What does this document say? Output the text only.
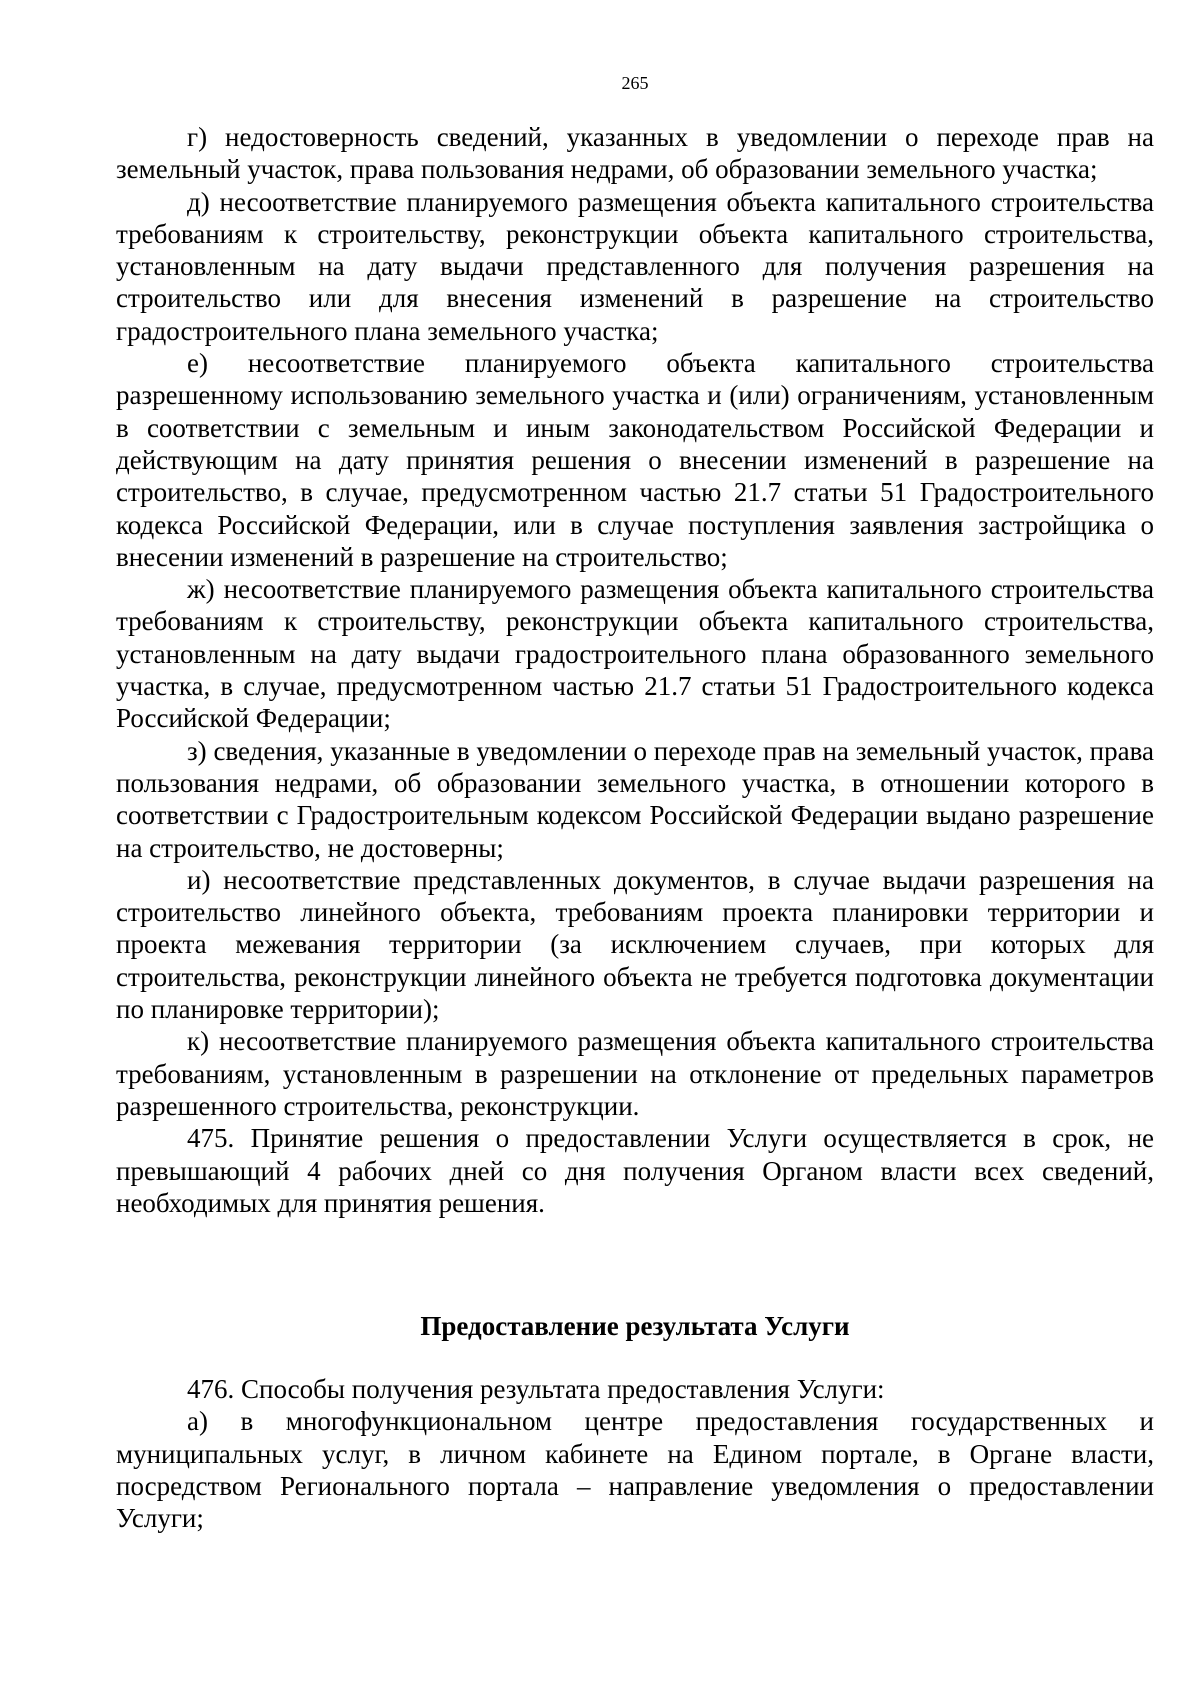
265

г) недостоверность сведений, указанных в уведомлении о переходе прав на земельный участок, права пользования недрами, об образовании земельного участка;

д) несоответствие планируемого размещения объекта капитального строительства требованиям к строительству, реконструкции объекта капитального строительства, установленным на дату выдачи представленного для получения разрешения на строительство или для внесения изменений в разрешение на строительство градостроительного плана земельного участка;

е) несоответствие планируемого объекта капитального строительства разрешенному использованию земельного участка и (или) ограничениям, установленным в соответствии с земельным и иным законодательством Российской Федерации и действующим на дату принятия решения о внесении изменений в разрешение на строительство, в случае, предусмотренном частью 21.7 статьи 51 Градостроительного кодекса Российской Федерации, или в случае поступления заявления застройщика о внесении изменений в разрешение на строительство;

ж) несоответствие планируемого размещения объекта капитального строительства требованиям к строительству, реконструкции объекта капитального строительства, установленным на дату выдачи градостроительного плана образованного земельного участка, в случае, предусмотренном частью 21.7 статьи 51 Градостроительного кодекса Российской Федерации;

з) сведения, указанные в уведомлении о переходе прав на земельный участок, права пользования недрами, об образовании земельного участка, в отношении которого в соответствии с Градостроительным кодексом Российской Федерации выдано разрешение на строительство, не достоверны;

и) несоответствие представленных документов, в случае выдачи разрешения на строительство линейного объекта, требованиям проекта планировки территории и проекта межевания территории (за исключением случаев, при которых для строительства, реконструкции линейного объекта не требуется подготовка документации по планировке территории);

к) несоответствие планируемого размещения объекта капитального строительства требованиям, установленным в разрешении на отклонение от предельных параметров разрешенного строительства, реконструкции.

475. Принятие решения о предоставлении Услуги осуществляется в срок, не превышающий 4 рабочих дней со дня получения Органом власти всех сведений, необходимых для принятия решения.

Предоставление результата Услуги

476. Способы получения результата предоставления Услуги:

а) в многофункциональном центре предоставления государственных и муниципальных услуг, в личном кабинете на Едином портале, в Органе власти, посредством Регионального портала – направление уведомления о предоставлении Услуги;
